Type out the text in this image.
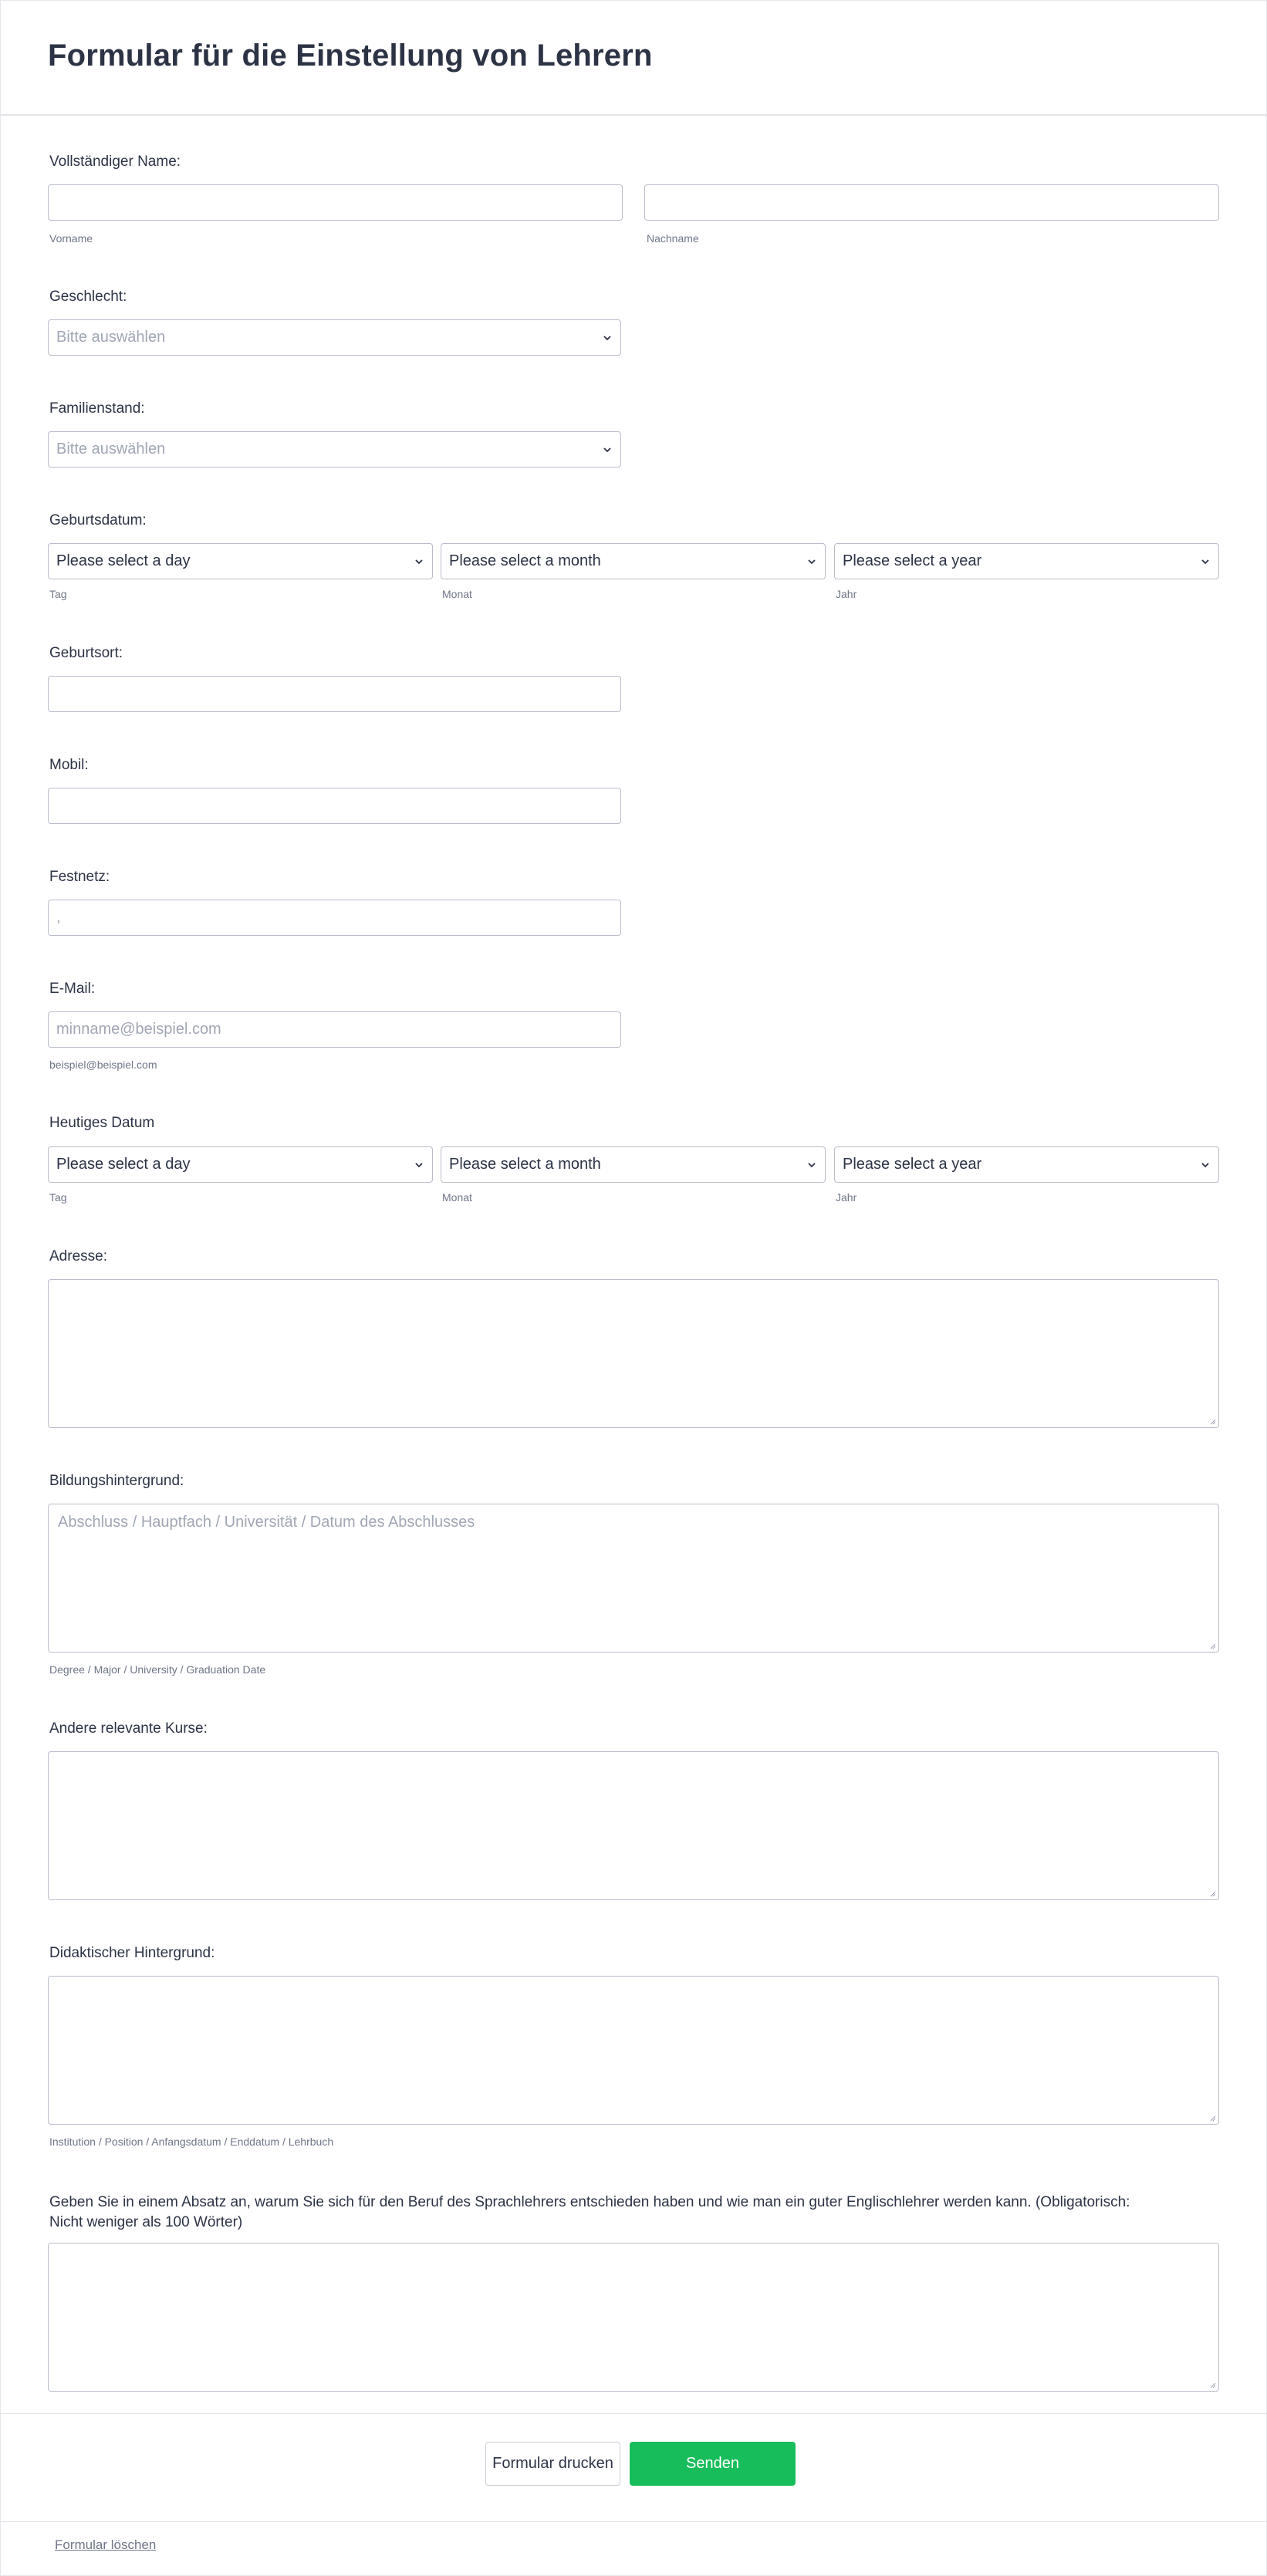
Formular für die Einstellung von Lehrern
Vollständiger Name:
Vorname	Nachname
Geschlecht:
Bitte auswählen
Familienstand:
Bitte auswählen
Geburtsdatum:
Please select a day	Please select a month	Please select a year
Tag	Monat	Jahr
Geburtsort:
Mobil:
Festnetz:
,
E-Mail:
minname@beispiel.com
beispiel@beispiel.com
Heutiges Datum
Please select a day	Please select a month	Please select a year
Tag	Monat	Jahr
Adresse:
Bildungshintergrund:
Abschluss / Hauptfach / Universität / Datum des Abschlusses
Degree / Major / University / Graduation Date
Andere relevante Kurse:
Didaktischer Hintergrund:
Institution / Position / Anfangsdatum / Enddatum / Lehrbuch
Geben Sie in einem Absatz an, warum Sie sich für den Beruf des Sprachlehrers entschieden haben und wie man ein guter Englischlehrer werden kann. (Obligatorisch:
Nicht weniger als 100 Wörter)
Formular drucken	Senden
Formular löschen
